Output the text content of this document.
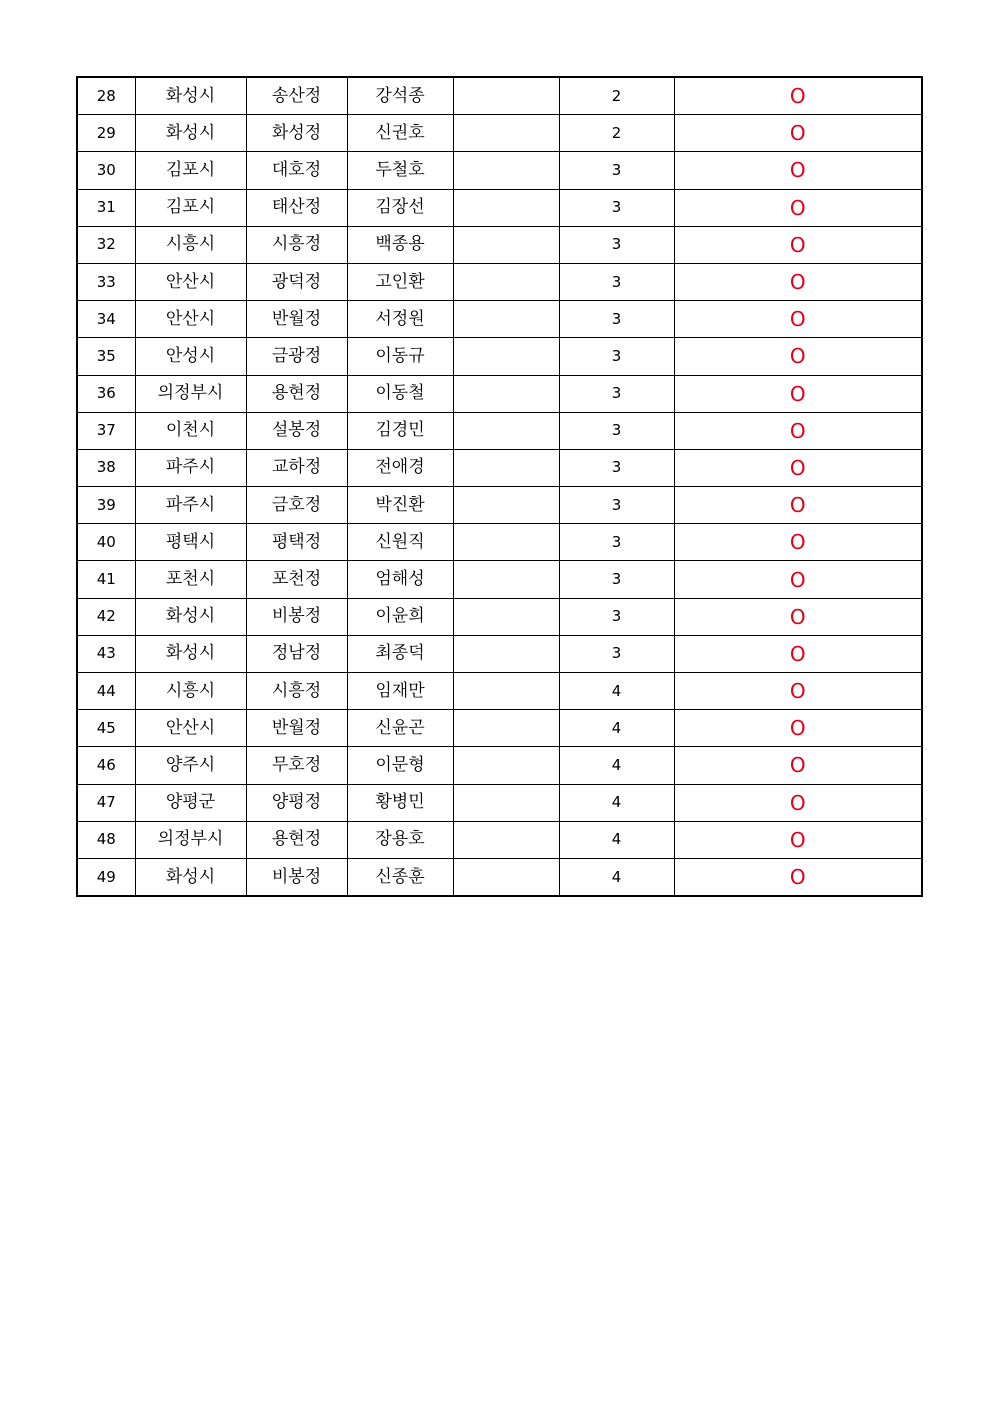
28	화성시	송산정	강석종		2	O
29	화성시	화성정	신권호		2	O
30	김포시	대호정	두철호		3	O
31	김포시	태산정	김장선		3	O
32	시흥시	시흥정	백종용		3	O
33	안산시	광덕정	고인환		3	O
34	안산시	반월정	서정원		3	O
35	안성시	금광정	이동규		3	O
36	의정부시	용현정	이동철		3	O
37	이천시	설봉정	김경민		3	O
38	파주시	교하정	전애경		3	O
39	파주시	금호정	박진환		3	O
40	평택시	평택정	신원직		3	O
41	포천시	포천정	엄해성		3	O
42	화성시	비봉정	이윤희		3	O
43	화성시	정남정	최종덕		3	O
44	시흥시	시흥정	임재만		4	O
45	안산시	반월정	신윤곤		4	O
46	양주시	무호정	이문형		4	O
47	양평군	양평정	황병민		4	O
48	의정부시	용현정	장용호		4	O
49	화성시	비봉정	신종훈		4	O
